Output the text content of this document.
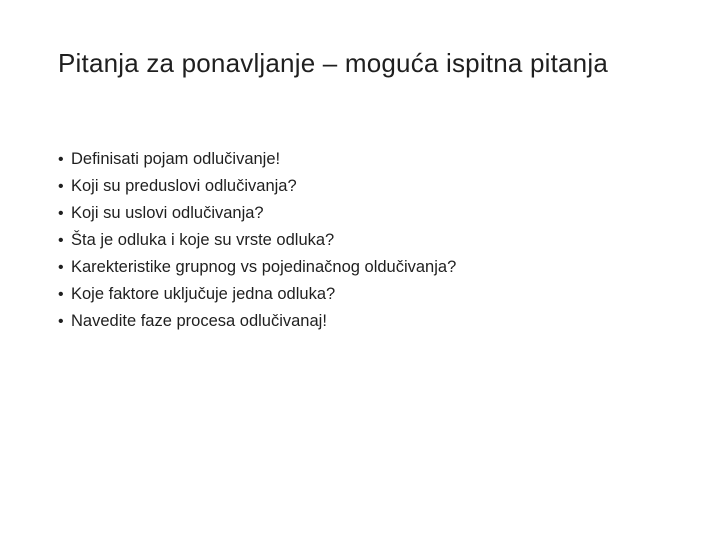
Pitanja za ponavljanje – moguća ispitna pitanja
• Definisati pojam odlučivanje!
• Koji su preduslovi odlučivanja?
• Koji su uslovi odlučivanja?
• Šta je odluka i koje su vrste odluka?
• Karekteristike grupnog vs pojedinačnog oldučivanja?
• Koje faktore uključuje jedna odluka?
• Navedite faze procesa odlučivanaj!
